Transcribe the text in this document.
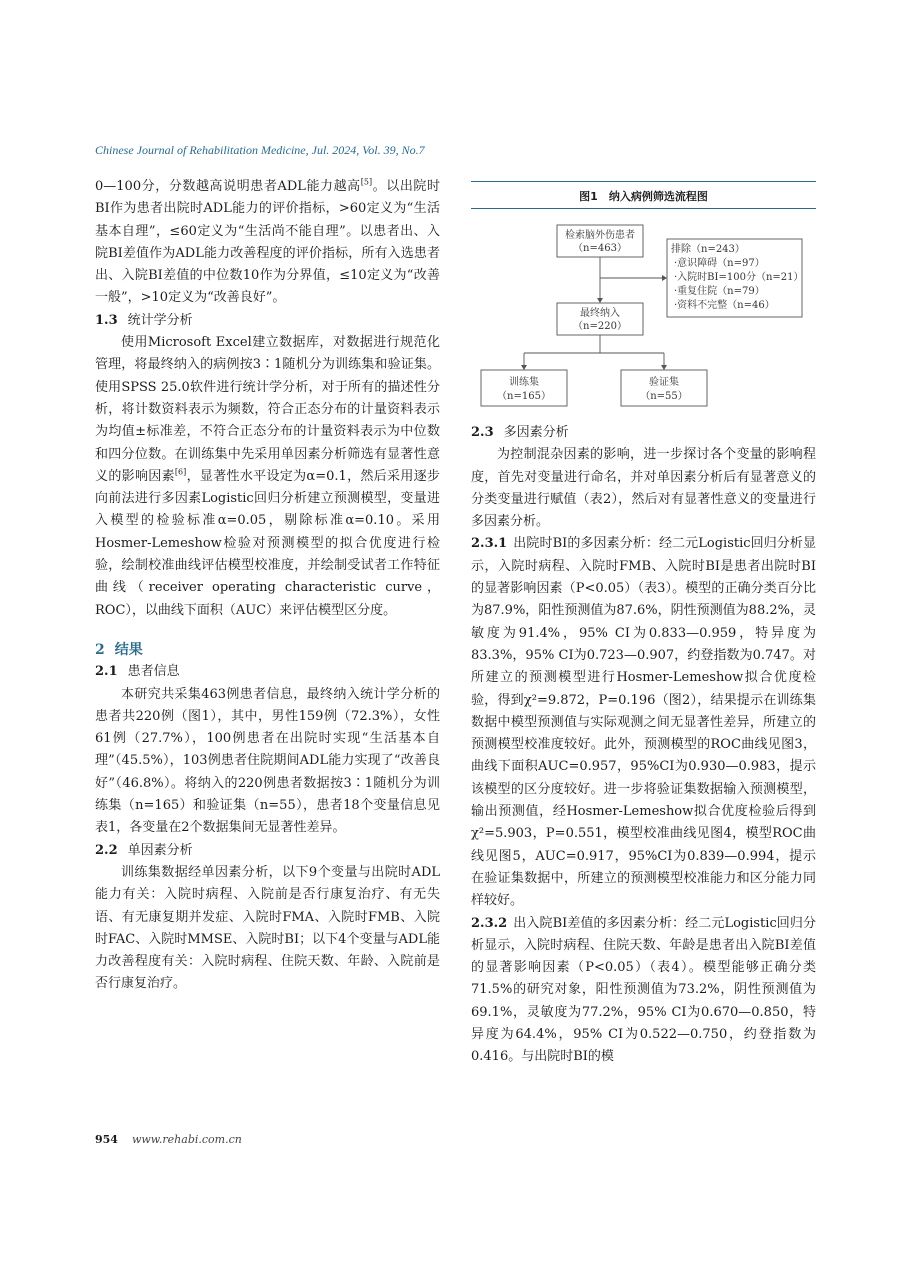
Chinese Journal of Rehabilitation Medicine, Jul. 2024, Vol. 39, No.7

0—100分，分数越高说明患者ADL能力越高[5]。以出院时BI作为患者出院时ADL能力的评价指标，>60定义为“生活基本自理”，≤60定义为“生活尚不能自理”。以患者出、入院BI差值作为ADL能力改善程度的评价指标，所有入选患者出、入院BI差值的中位数10作为分界值，≤10定义为“改善一般”，>10定义为“改善良好”。

1.3 统计学分析

使用Microsoft Excel建立数据库，对数据进行规范化管理，将最终纳入的病例按3∶1随机分为训练集和验证集。使用SPSS 25.0软件进行统计学分析，对于所有的描述性分析，将计数资料表示为频数，符合正态分布的计量资料表示为均值±标准差，不符合正态分布的计量资料表示为中位数和四分位数。在训练集中先采用单因素分析筛选有显著性意义的影响因素[6]，显著性水平设定为α=0.1，然后采用逐步向前法进行多因素Logistic回归分析建立预测模型，变量进入模型的检验标准α=0.05，剔除标准α=0.10。采用Hosmer-Lemeshow检验对预测模型的拟合优度进行检验，绘制校准曲线评估模型校准度，并绘制受试者工作特征曲线（receiver operating characteristic curve，ROC），以曲线下面积（AUC）来评估模型区分度。

2 结果
2.1 患者信息

本研究共采集463例患者信息，最终纳入统计学分析的患者共220例（图1），其中，男性159例（72.3%），女性61例（27.7%），100例患者在出院时实现“生活基本自理”（45.5%），103例患者住院期间ADL能力实现了“改善良好”（46.8%）。将纳入的220例患者数据按3∶1随机分为训练集（n=165）和验证集（n=55），患者18个变量信息见表1，各变量在2个数据集间无显著性差异。

2.2 单因素分析

训练集数据经单因素分析，以下9个变量与出院时ADL能力有关：入院时病程、入院前是否行康复治疗、有无失语、有无康复期并发症、入院时FMA、入院时FMB、入院时FAC、入院时MMSE、入院时BI；以下4个变量与ADL能力改善程度有关：入院时病程、住院天数、年龄、入院前是否行康复治疗。

图1　纳入病例筛选流程图
检索脑外伤患者
（n=463）	排除（n=243）
·意识障碍（n=97）
·入院时BI=100分（n=21）
·重复住院（n=79）
·资料不完整（n=46）
最终纳入
（n=220）
训练集
（n=165）
验证集
（n=55）
2.3 多因素分析

为控制混杂因素的影响，进一步探讨各个变量的影响程度，首先对变量进行命名，并对单因素分析后有显著意义的分类变量进行赋值（表2），然后对有显著性意义的变量进行多因素分析。

2.3.1 出院时BI的多因素分析：经二元Logistic回归分析显示，入院时病程、入院时FMB、入院时BI是患者出院时BI的显著影响因素（P<0.05）（表3）。模型的正确分类百分比为87.9%，阳性预测值为87.6%，阴性预测值为88.2%，灵敏度为91.4%，95% CI为0.833—0.959，特异度为83.3%，95% CI为0.723—0.907，约登指数为0.747。对所建立的预测模型进行Hosmer-Lemeshow拟合优度检验，得到χ²=9.872，P=0.196（图2），结果提示在训练集数据中模型预测值与实际观测之间无显著性差异，所建立的预测模型校准度较好。此外，预测模型的ROC曲线见图3，曲线下面积AUC=0.957，95%CI为0.930—0.983，提示该模型的区分度较好。进一步将验证集数据输入预测模型，输出预测值，经Hosmer-Lemeshow拟合优度检验后得到χ²=5.903，P=0.551，模型校准曲线见图4，模型ROC曲线见图5，AUC=0.917，95%CI为0.839—0.994，提示在验证集数据中，所建立的预测模型校准能力和区分能力同样较好。

2.3.2 出入院BI差值的多因素分析：经二元Logistic回归分析显示，入院时病程、住院天数、年龄是患者出入院BI差值的显著影响因素（P<0.05）（表4）。模型能够正确分类71.5%的研究对象，阳性预测值为73.2%，阴性预测值为69.1%，灵敏度为77.2%，95% CI为0.670—0.850，特异度为64.4%，95% CI为0.522—0.750，约登指数为0.416。与出院时BI的模

954 www.rehabi.com.cn
